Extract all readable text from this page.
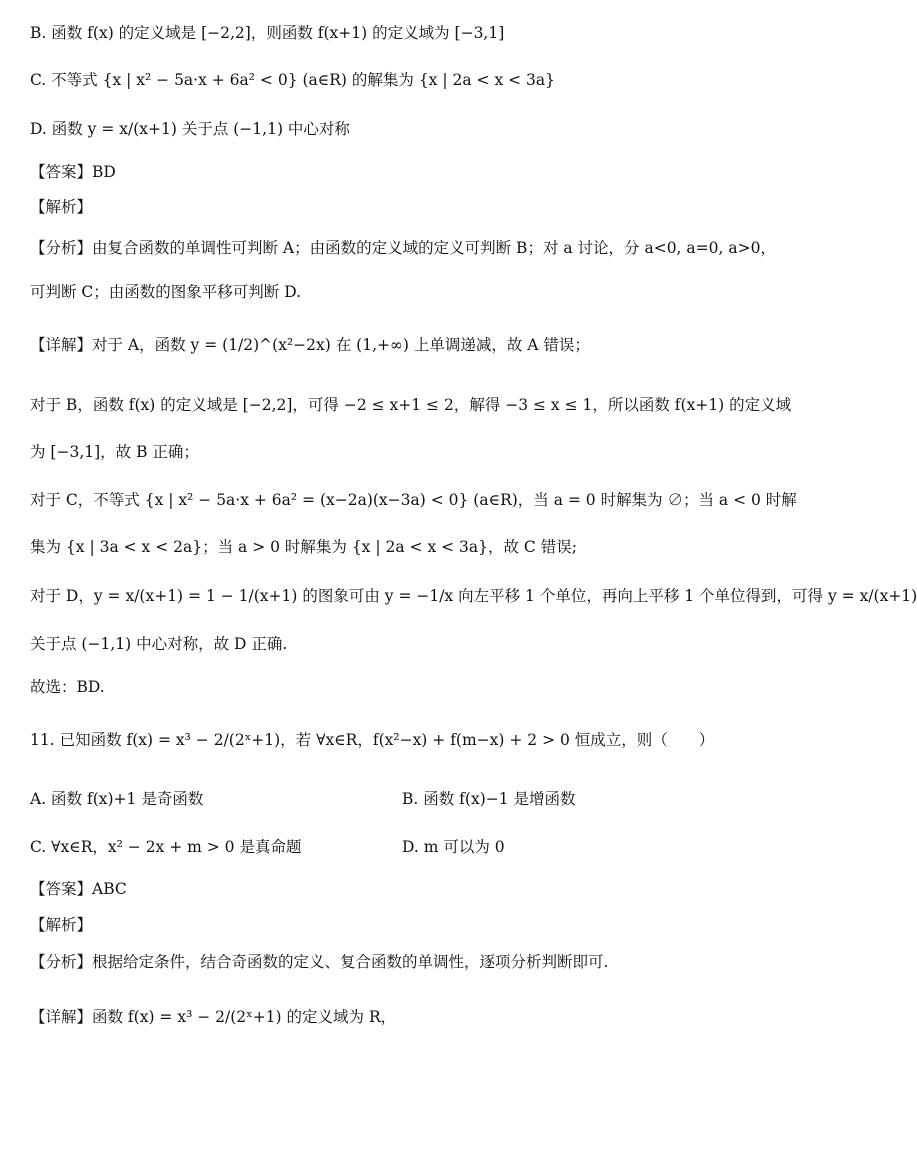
B. 函数 f(x) 的定义域是 [−2,2]，则函数 f(x+1) 的定义域为 [−3,1]
C. 不等式 {x | x² − 5a·x + 6a² < 0} (a∈R) 的解集为 {x | 2a < x < 3a}
D. 函数 y = x/(x+1) 关于点 (−1,1) 中心对称
【答案】BD
【解析】
【分析】由复合函数的单调性可判断 A；由函数的定义域的定义可判断 B；对 a 讨论，分 a<0, a=0, a>0，
可判断 C；由函数的图象平移可判断 D.
【详解】对于 A，函数 y = (1/2)^(x²−2x) 在 (1,+∞) 上单调递减，故 A 错误；
对于 B，函数 f(x) 的定义域是 [−2,2]，可得 −2 ≤ x+1 ≤ 2，解得 −3 ≤ x ≤ 1，所以函数 f(x+1) 的定义域
为 [−3,1]，故 B 正确；
对于 C，不等式 {x | x² − 5a·x + 6a² = (x−2a)(x−3a) < 0} (a∈R)，当 a = 0 时解集为 ∅；当 a < 0 时解
集为 {x | 3a < x < 2a}；当 a > 0 时解集为 {x | 2a < x < 3a}，故 C 错误;
对于 D，y = x/(x+1) = 1 − 1/(x+1) 的图象可由 y = −1/x 向左平移 1 个单位，再向上平移 1 个单位得到，可得 y = x/(x+1)
关于点 (−1,1) 中心对称，故 D 正确.
故选：BD.
11. 已知函数 f(x) = x³ − 2/(2ˣ+1)，若 ∀x∈R，f(x²−x) + f(m−x) + 2 > 0 恒成立，则（　　）
A. 函数 f(x)+1 是奇函数	B. 函数 f(x)−1 是增函数
C. ∀x∈R，x² − 2x + m > 0 是真命题	D. m 可以为 0
【答案】ABC
【解析】
【分析】根据给定条件，结合奇函数的定义、复合函数的单调性，逐项分析判断即可.
【详解】函数 f(x) = x³ − 2/(2ˣ+1) 的定义域为 R，
